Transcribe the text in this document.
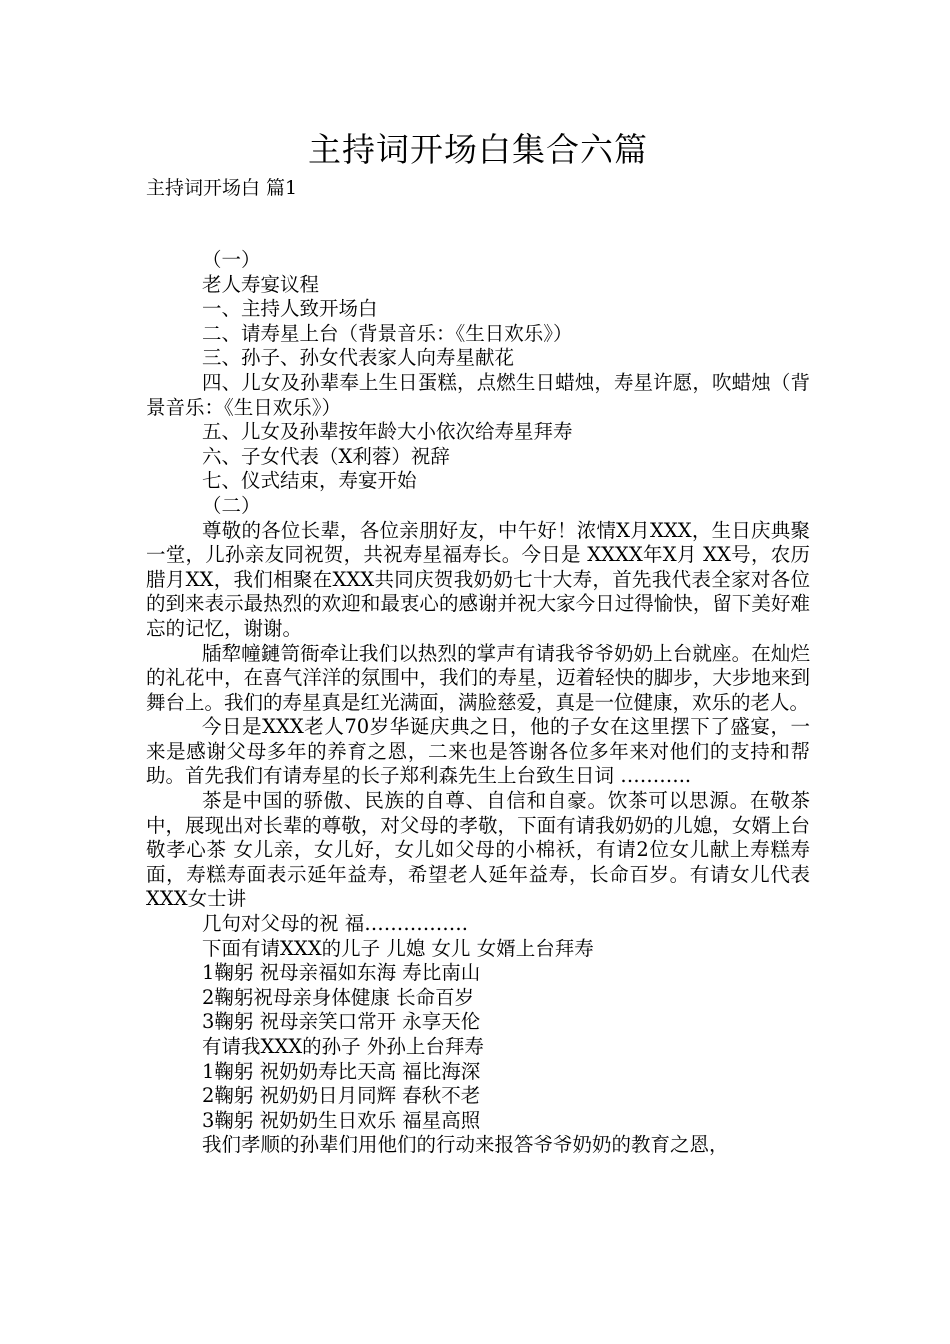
主持词开场白集合六篇
主持词开场白 篇1

（一）

老人寿宴议程

一、主持人致开场白

二、请寿星上台（背景音乐：《生日欢乐》）

三、孙子、孙女代表家人向寿星献花

四、儿女及孙辈奉上生日蛋糕，点燃生日蜡烛，寿星许愿，吹蜡烛（背景音乐：《生日欢乐》）

五、儿女及孙辈按年龄大小依次给寿星拜寿

六、子女代表（X利蓉）祝辞

七、仪式结束，寿宴开始

（二）

尊敬的各位长辈，各位亲朋好友，中午好！浓情X月XXX，生日庆典聚一堂，儿孙亲友同祝贺，共祝寿星福寿长。今日是 XXXX年X月 XX号，农历腊月XX，我们相聚在XXX共同庆贺我奶奶七十大寿，首先我代表全家对各位的到来表示最热烈的欢迎和最衷心的感谢并祝大家今日过得愉快，留下美好难忘的记忆，谢谢。

牐犂幢鏈笥衙牵让我们以热烈的掌声有请我爷爷奶奶上台就座。在灿烂的礼花中，在喜气洋洋的氛围中，我们的寿星，迈着轻快的脚步，大步地来到舞台上。我们的寿星真是红光满面，满脸慈爱，真是一位健康，欢乐的老人。

今日是XXX老人70岁华诞庆典之日，他的子女在这里摆下了盛宴，一来是感谢父母多年的养育之恩，二来也是答谢各位多年来对他们的支持和帮助。首先我们有请寿星的长子郑利森先生上台致生日词 ………..

茶是中国的骄傲、民族的自尊、自信和自豪。饮茶可以思源。在敬茶中，展现出对长辈的尊敬，对父母的孝敬，下面有请我奶奶的儿媳，女婿上台敬孝心茶 女儿亲，女儿好，女儿如父母的小棉袄，有请2位女儿献上寿糕寿面，寿糕寿面表示延年益寿，希望老人延年益寿，长命百岁。有请女儿代表XXX女士讲

几句对父母的祝 福…………….

下面有请XXX的儿子 儿媳 女儿 女婿上台拜寿

1鞠躬 祝母亲福如东海 寿比南山

2鞠躬祝母亲身体健康 长命百岁

3鞠躬 祝母亲笑口常开 永享天伦

有请我XXX的孙子 外孙上台拜寿

1鞠躬 祝奶奶寿比天高 福比海深

2鞠躬 祝奶奶日月同辉 春秋不老

3鞠躬 祝奶奶生日欢乐 福星高照

我们孝顺的孙辈们用他们的行动来报答爷爷奶奶的教育之恩，
